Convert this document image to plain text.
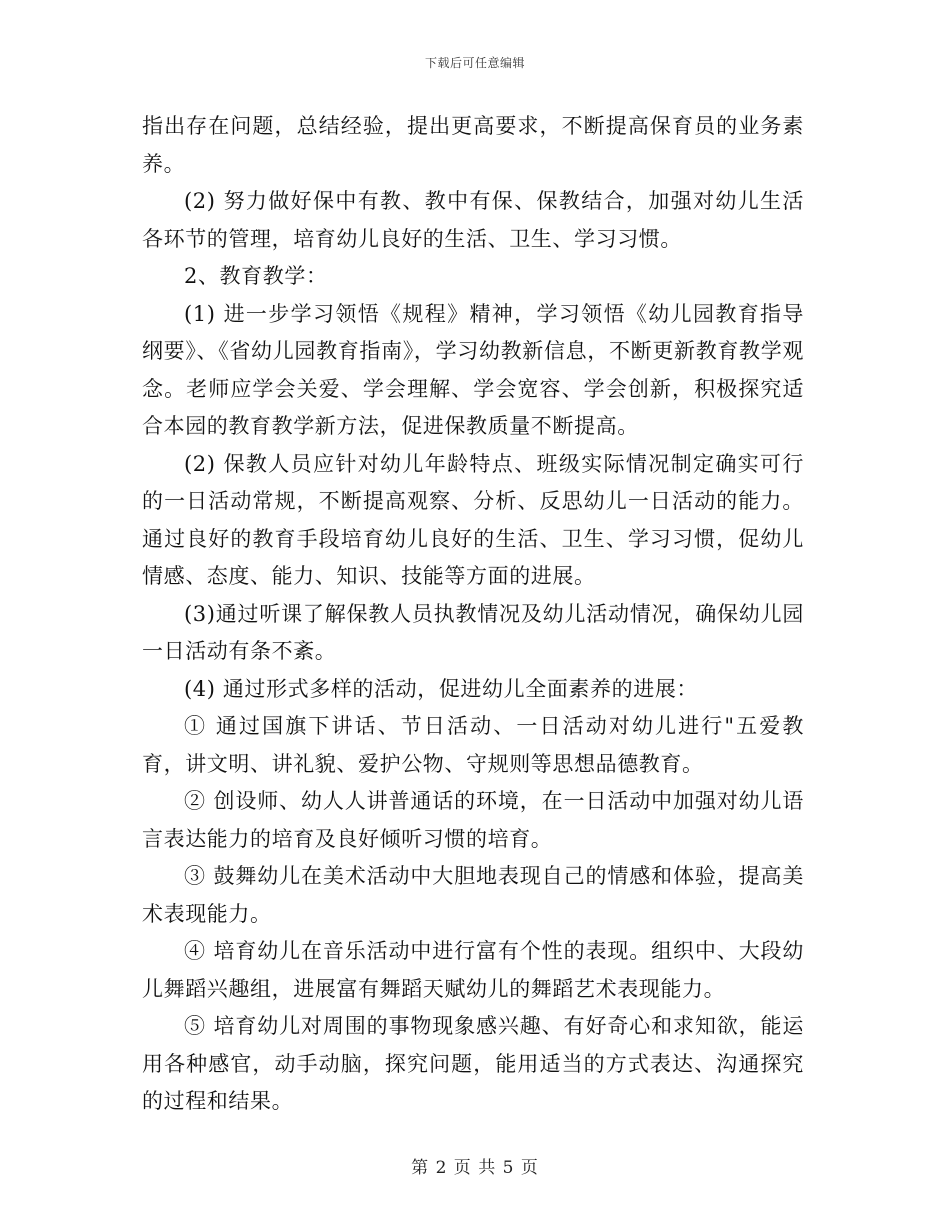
下载后可任意编辑

指出存在问题，总结经验，提出更高要求，不断提高保育员的业务素养。

(2) 努力做好保中有教、教中有保、保教结合，加强对幼儿生活各环节的管理，培育幼儿良好的生活、卫生、学习习惯。

2、教育教学：

(1) 进一步学习领悟《规程》精神，学习领悟《幼儿园教育指导纲要》、《省幼儿园教育指南》，学习幼教新信息，不断更新教育教学观念。老师应学会关爱、学会理解、学会宽容、学会创新，积极探究适合本园的教育教学新方法，促进保教质量不断提高。

(2) 保教人员应针对幼儿年龄特点、班级实际情况制定确实可行的一日活动常规，不断提高观察、分析、反思幼儿一日活动的能力。通过良好的教育手段培育幼儿良好的生活、卫生、学习习惯，促幼儿情感、态度、能力、知识、技能等方面的进展。

(3)通过听课了解保教人员执教情况及幼儿活动情况，确保幼儿园一日活动有条不紊。

(4) 通过形式多样的活动，促进幼儿全面素养的进展：

① 通过国旗下讲话、节日活动、一日活动对幼儿进行"五爱教育，讲文明、讲礼貌、爱护公物、守规则等思想品德教育。

② 创设师、幼人人讲普通话的环境，在一日活动中加强对幼儿语言表达能力的培育及良好倾听习惯的培育。

③ 鼓舞幼儿在美术活动中大胆地表现自己的情感和体验，提高美术表现能力。

④ 培育幼儿在音乐活动中进行富有个性的表现。组织中、大段幼儿舞蹈兴趣组，进展富有舞蹈天赋幼儿的舞蹈艺术表现能力。

⑤ 培育幼儿对周围的事物现象感兴趣、有好奇心和求知欲，能运用各种感官，动手动脑，探究问题，能用适当的方式表达、沟通探究的过程和结果。

第 2 页 共 5 页
